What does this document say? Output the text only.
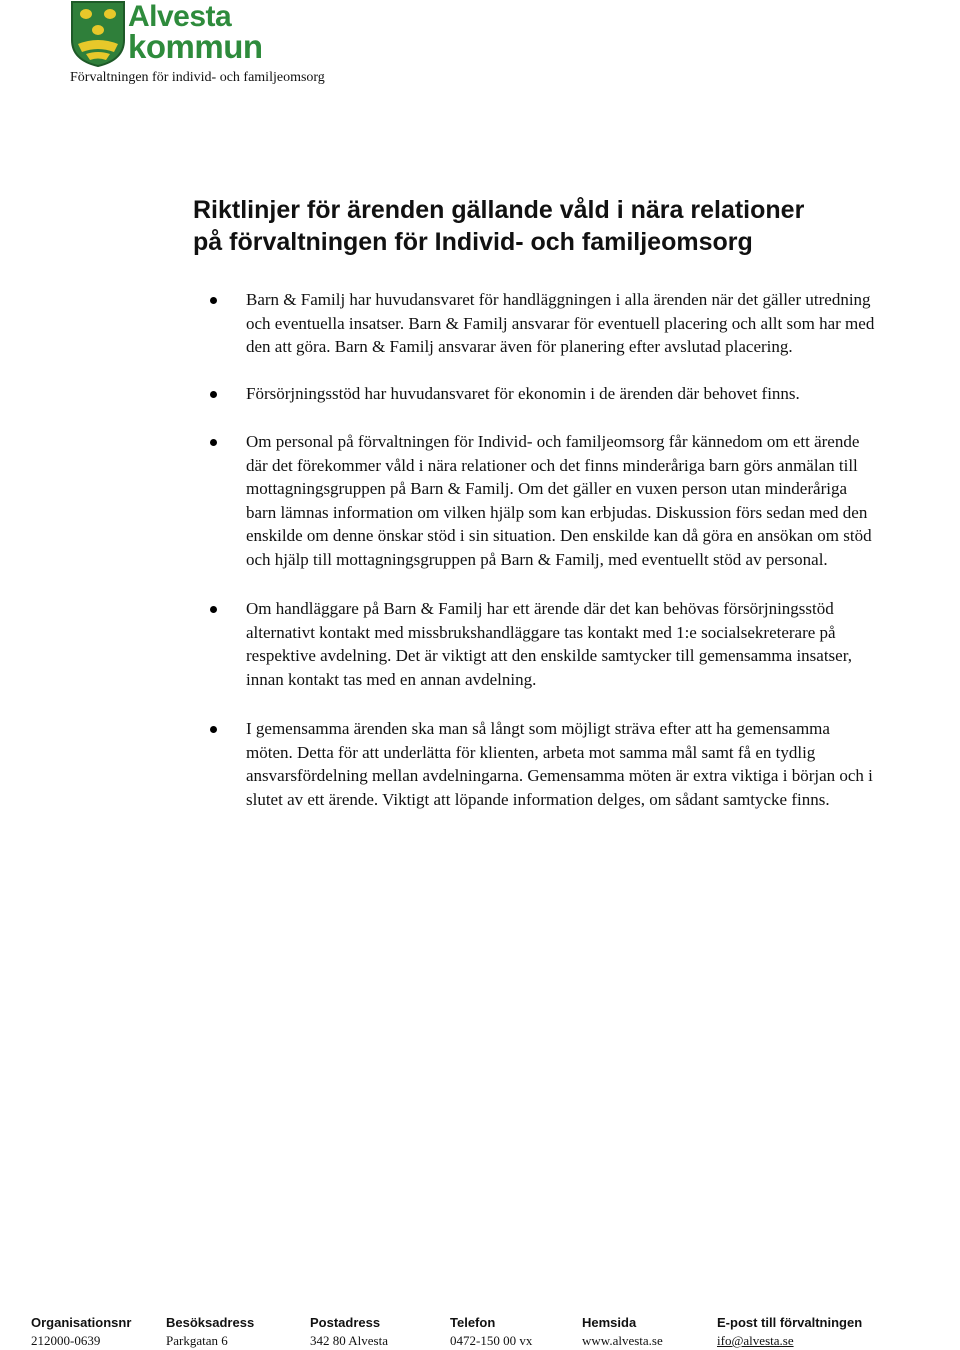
Alvesta
kommun
Förvaltningen för individ- och familjeomsorg
Riktlinjer för ärenden gällande våld i nära relationer
på förvaltningen för Individ- och familjeomsorg
Barn & Familj har huvudansvaret för handläggningen i alla ärenden när det gäller utredning och eventuella insatser. Barn & Familj ansvarar för eventuell placering och allt som har med den att göra. Barn & Familj ansvarar även för planering efter avslutad placering.
Försörjningsstöd har huvudansvaret för ekonomin i de ärenden där behovet finns.
Om personal på förvaltningen för Individ- och familjeomsorg får kännedom om ett ärende där det förekommer våld i nära relationer och det finns minderåriga barn görs anmälan till mottagningsgruppen på Barn & Familj. Om det gäller en vuxen person utan minderåriga barn lämnas information om vilken hjälp som kan erbjudas. Diskussion förs sedan med den enskilde om denne önskar stöd i sin situation. Den enskilde kan då göra en ansökan om stöd och hjälp till mottagningsgruppen på Barn & Familj, med eventuellt stöd av personal.
Om handläggare på Barn & Familj har ett ärende där det kan behövas försörjningsstöd alternativt kontakt med missbrukshandläggare tas kontakt med 1:e socialsekreterare på respektive avdelning. Det är viktigt att den enskilde samtycker till gemensamma insatser, innan kontakt tas med en annan avdelning.
I gemensamma ärenden ska man så långt som möjligt sträva efter att ha gemensamma möten. Detta för att underlätta för klienten, arbeta mot samma mål samt få en tydlig ansvarsfördelning mellan avdelningarna. Gemensamma möten är extra viktiga i början och i slutet av ett ärende. Viktigt att löpande information delges, om sådant samtycke finns.
Organisationsnr
212000-0639
Besöksadress
Parkgatan 6
Postadress
342 80 Alvesta
Telefon
0472-150 00 vx
Hemsida
www.alvesta.se
E-post till förvaltningen
ifo@alvesta.se
